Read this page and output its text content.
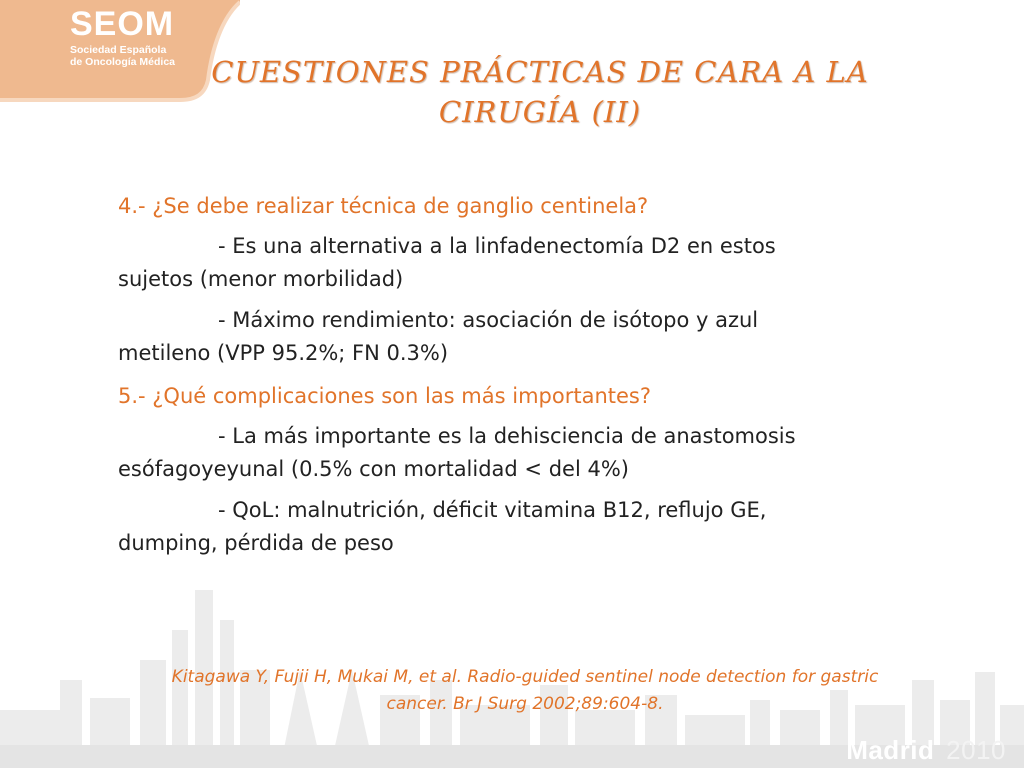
SEOM
Sociedad Española
de Oncología Médica	CUESTIONES PRÁCTICAS DE CARA A LA
CIRUGÍA (II)
4.- ¿Se debe realizar técnica de ganglio centinela?
- Es una alternativa a la linfadenectomía D2 en estos
sujetos (menor morbilidad)
- Máximo rendimiento: asociación de isótopo y azul
metileno (VPP 95.2%; FN 0.3%)
5.- ¿Qué complicaciones son las más importantes?
- La más importante es la dehisciencia de anastomosis
esófagoyeyunal (0.5% con mortalidad < del 4%)
- QoL: malnutrición, déficit vitamina B12, reflujo GE,
dumping, pérdida de peso
Kitagawa Y, Fujii H, Mukai M, et al. Radio-guided sentinel node detection for gastric
cancer. Br J Surg 2002;89:604-8.
Madrid 2010
